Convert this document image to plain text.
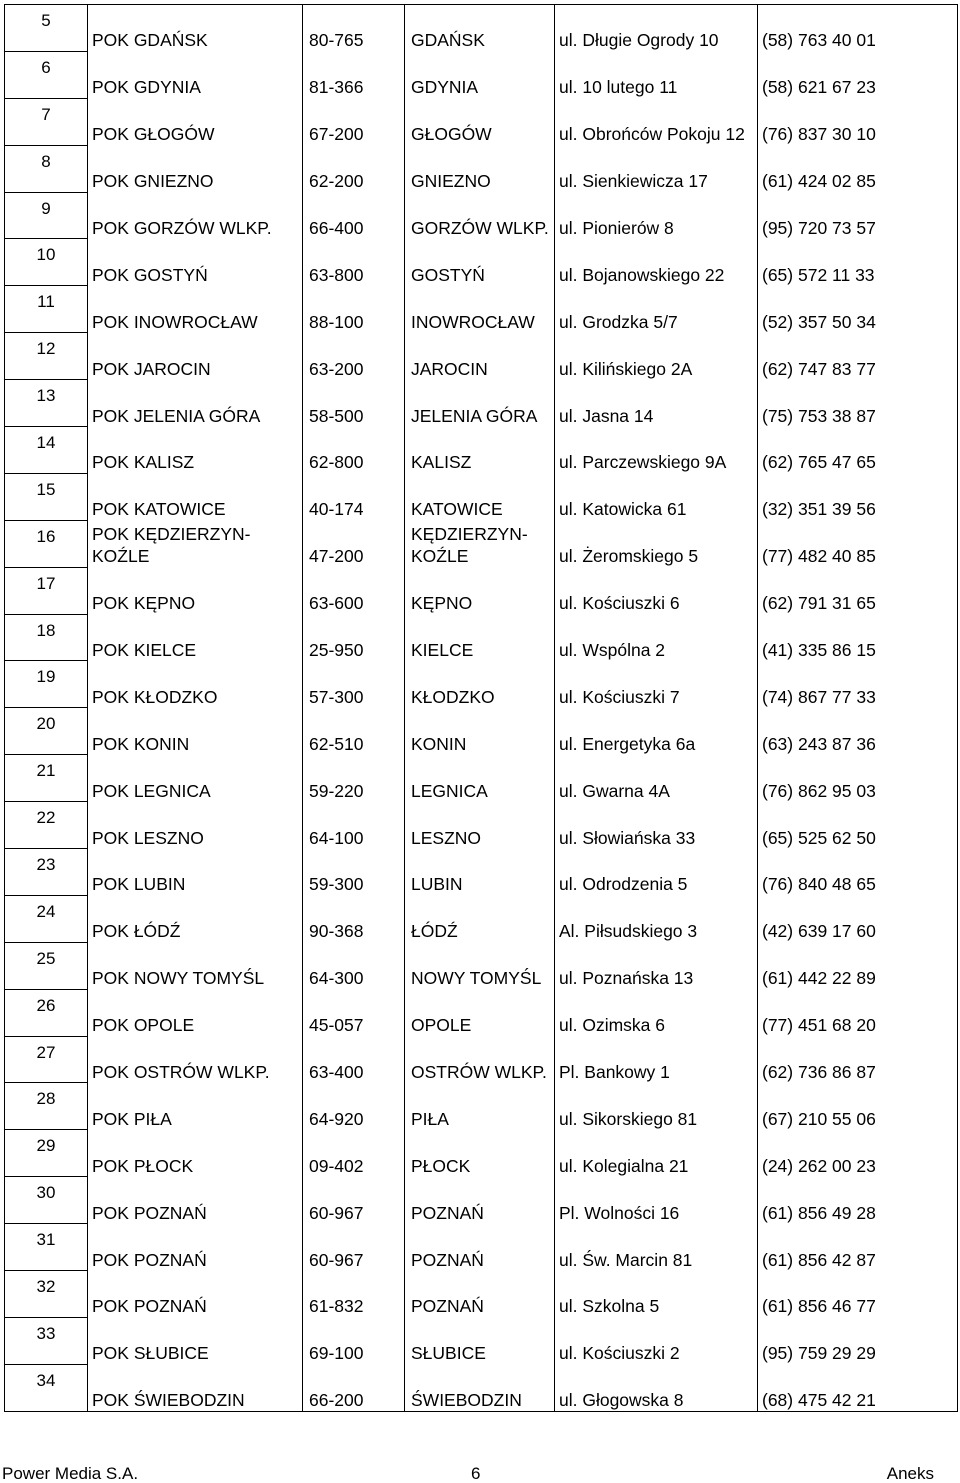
5	POK GDAŃSK	80-765	GDAŃSK	ul. Długie Ogrody 10	(58) 763 40 01
6	POK GDYNIA	81-366	GDYNIA	ul. 10 lutego 11	(58) 621 67 23
7	POK GŁOGÓW	67-200	GŁOGÓW	ul. Obrońców Pokoju 12	(76) 837 30 10
8	POK GNIEZNO	62-200	GNIEZNO	ul. Sienkiewicza 17	(61) 424 02 85
9	POK GORZÓW WLKP.	66-400	GORZÓW WLKP.	ul. Pionierów 8	(95) 720 73 57
10	POK GOSTYŃ	63-800	GOSTYŃ	ul. Bojanowskiego 22	(65) 572 11 33
11	POK INOWROCŁAW	88-100	INOWROCŁAW	ul. Grodzka 5/7	(52) 357 50 34
12	POK JAROCIN	63-200	JAROCIN	ul. Kilińskiego 2A	(62) 747 83 77
13	POK JELENIA GÓRA	58-500	JELENIA GÓRA	ul. Jasna 14	(75) 753 38 87
14	POK KALISZ	62-800	KALISZ	ul. Parczewskiego 9A	(62) 765 47 65
15	POK KATOWICE	40-174	KATOWICE	ul. Katowicka 61	(32) 351 39 56
16	POK KĘDZIERZYN-KOŹLE	47-200	KĘDZIERZYN-KOŹLE	ul. Żeromskiego 5	(77) 482 40 85
17	POK KĘPNO	63-600	KĘPNO	ul. Kościuszki 6	(62) 791 31 65
18	POK KIELCE	25-950	KIELCE	ul. Wspólna 2	(41) 335 86 15
19	POK KŁODZKO	57-300	KŁODZKO	ul. Kościuszki 7	(74) 867 77 33
20	POK KONIN	62-510	KONIN	ul. Energetyka 6a	(63) 243 87 36
21	POK LEGNICA	59-220	LEGNICA	ul. Gwarna 4A	(76) 862 95 03
22	POK LESZNO	64-100	LESZNO	ul. Słowiańska 33	(65) 525 62 50
23	POK LUBIN	59-300	LUBIN	ul. Odrodzenia 5	(76) 840 48 65
24	POK ŁÓDŹ	90-368	ŁÓDŹ	Al. Piłsudskiego 3	(42) 639 17 60
25	POK NOWY TOMYŚL	64-300	NOWY TOMYŚL	ul. Poznańska 13	(61) 442 22 89
26	POK OPOLE	45-057	OPOLE	ul. Ozimska 6	(77) 451 68 20
27	POK OSTRÓW WLKP.	63-400	OSTRÓW WLKP.	Pl. Bankowy 1	(62) 736 86 87
28	POK PIŁA	64-920	PIŁA	ul. Sikorskiego 81	(67) 210 55 06
29	POK PŁOCK	09-402	PŁOCK	ul. Kolegialna 21	(24) 262 00 23
30	POK POZNAŃ	60-967	POZNAŃ	Pl. Wolności 16	(61) 856 49 28
31	POK POZNAŃ	60-967	POZNAŃ	ul. Św. Marcin 81	(61) 856 42 87
32	POK POZNAŃ	61-832	POZNAŃ	ul. Szkolna 5	(61) 856 46 77
33	POK SŁUBICE	69-100	SŁUBICE	ul. Kościuszki 2	(95) 759 29 29
34	POK ŚWIEBODZIN	66-200	ŚWIEBODZIN	ul. Głogowska 8	(68) 475 42 21
Power Media S.A.	6	Aneks
